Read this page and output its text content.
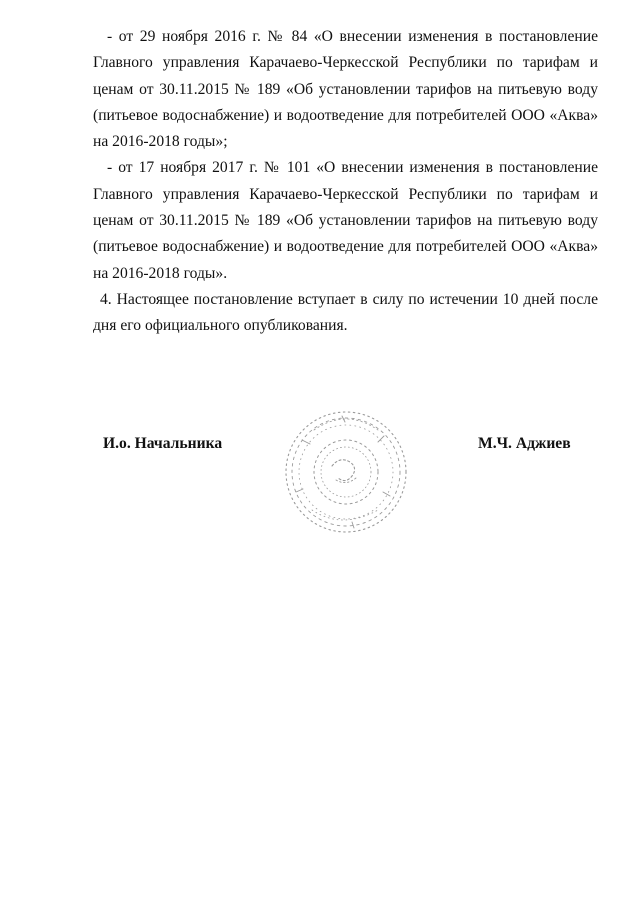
- от 29 ноября 2016 г. № 84 «О внесении изменения в постановление Главного управления Карачаево-Черкесской Республики по тарифам и ценам от 30.11.2015 № 189 «Об установлении тарифов на питьевую воду (питьевое водоснабжение) и водоотведение для потребителей ООО «Аква» на 2016-2018 годы»;

- от 17 ноября 2017 г. № 101 «О внесении изменения в постановление Главного управления Карачаево-Черкесской Республики по тарифам и ценам от 30.11.2015 № 189 «Об установлении тарифов на питьевую воду (питьевое водоснабжение) и водоотведение для потребителей ООО «Аква» на 2016-2018 годы».

4. Настоящее постановление вступает в силу по истечении 10 дней после дня его официального опубликования.

И.о. Начальника	М.Ч. Аджиев
